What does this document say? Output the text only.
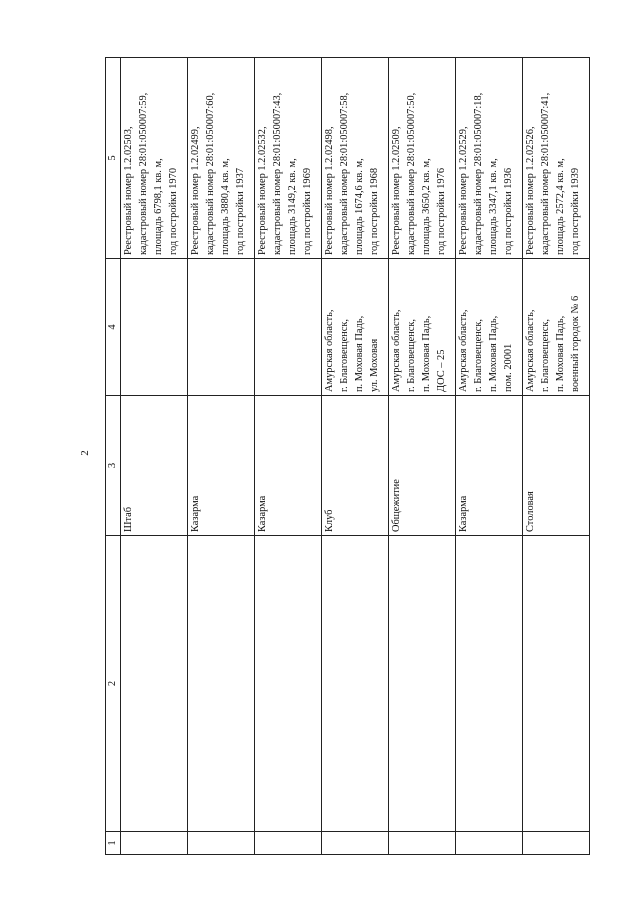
2
1	2	3	4	5

		Штаб		Реестровый номер 1.2.02503, кадастровый номер 28:01:050007:59, площадь 6798,1 кв. м, год постройки 1970

		Казарма		Реестровый номер 1.2.02499, кадастровый номер 28:01:050007:60, площадь 3880,4 кв. м, год постройки 1937

		Казарма		Реестровый номер 1.2.02532, кадастровый номер 28:01:050007:43, площадь 3149,2 кв. м, год постройки 1969

		Клуб	Амурская область, г. Благовещенск, п. Моховая Падь, ул. Моховая	Реестровый номер 1.2.02498, кадастровый номер 28:01:050007:58, площадь 1674,6 кв. м, год постройки 1968

		Общежитие	Амурская область, г. Благовещенск, п. Моховая Падь, ДОС – 25	Реестровый номер 1.2.02509, кадастровый номер 28:01:050007:50, площадь 3650,2 кв. м, год постройки 1976

		Казарма	Амурская область, г. Благовещенск, п. Моховая Падь, пом. 20001	Реестровый номер 1.2.02529, кадастровый номер 28:01:050007:18, площадь 3347,1 кв. м, год постройки 1936

		Столовая	Амурская область, г. Благовещенск, п. Моховая Падь, военный городок № 6	Реестровый номер 1.2.02526, кадастровый номер 28:01:050007:41, площадь 2572,4 кв. м, год постройки 1939
